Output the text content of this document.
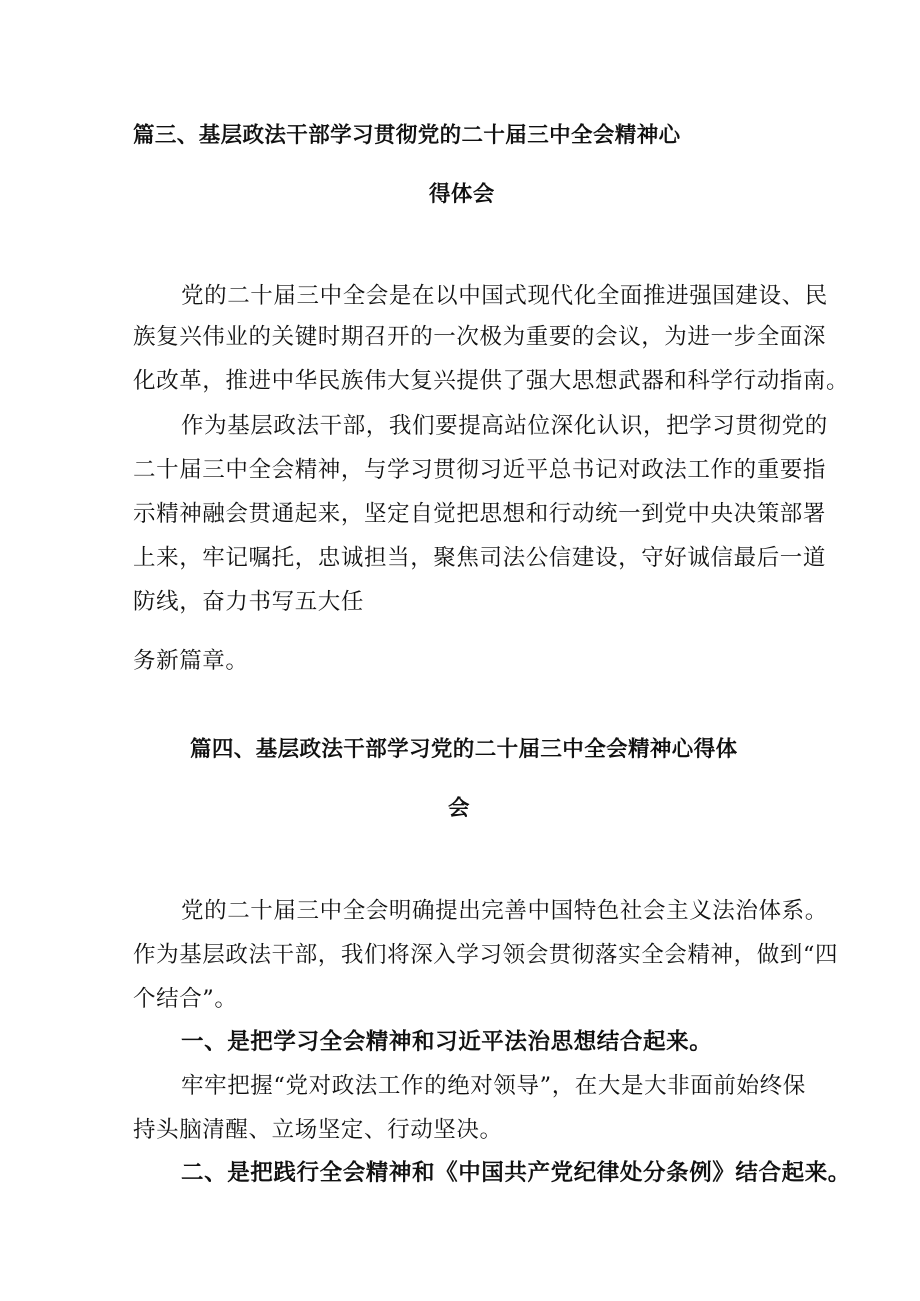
篇三、基层政法干部学习贯彻党的二十届三中全会精神心
得体会
党的二十届三中全会是在以中国式现代化全面推进强国建设、民
族复兴伟业的关键时期召开的一次极为重要的会议，为进一步全面深
化改革，推进中华民族伟大复兴提供了强大思想武器和科学行动指南。
作为基层政法干部，我们要提高站位深化认识，把学习贯彻党的
二十届三中全会精神，与学习贯彻习近平总书记对政法工作的重要指
示精神融会贯通起来，坚定自觉把思想和行动统一到党中央决策部署
上来，牢记嘱托，忠诚担当，聚焦司法公信建设，守好诚信最后一道
防线，奋力书写五大任
务新篇章。
篇四、基层政法干部学习党的二十届三中全会精神心得体
会
党的二十届三中全会明确提出完善中国特色社会主义法治体系。
作为基层政法干部，我们将深入学习领会贯彻落实全会精神，做到“四
个结合”。
一、是把学习全会精神和习近平法治思想结合起来。
牢牢把握“党对政法工作的绝对领导”，在大是大非面前始终保
持头脑清醒、立场坚定、行动坚决。
二、是把践行全会精神和《中国共产党纪律处分条例》结合起来。
